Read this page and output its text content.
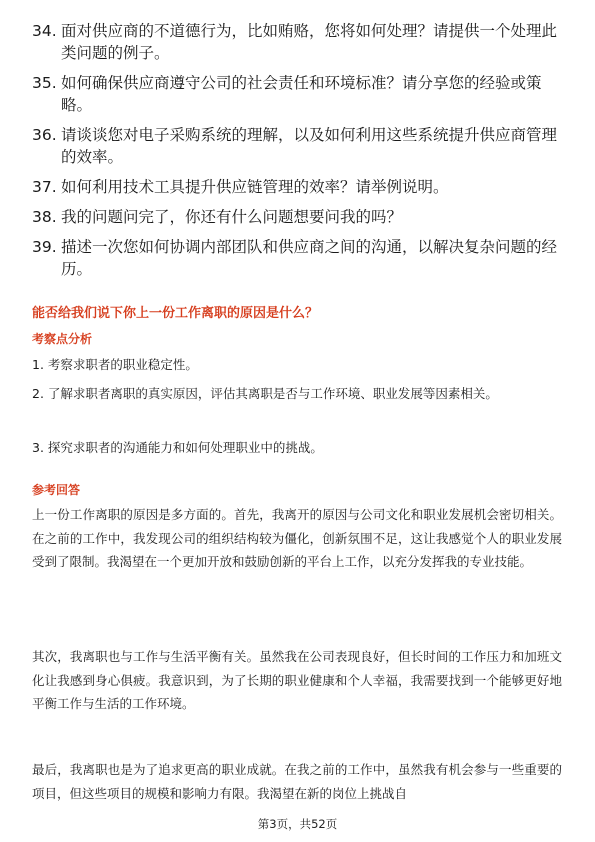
34. 面对供应商的不道德行为，比如贿赂，您将如何处理？请提供一个处理此类问题的例子。
35. 如何确保供应商遵守公司的社会责任和环境标准？请分享您的经验或策略。
36. 请谈谈您对电子采购系统的理解，以及如何利用这些系统提升供应商管理的效率。
37. 如何利用技术工具提升供应链管理的效率？请举例说明。
38. 我的问题问完了，你还有什么问题想要问我的吗？
39. 描述一次您如何协调内部团队和供应商之间的沟通，以解决复杂问题的经历。
能否给我们说下你上一份工作离职的原因是什么？
考察点分析
1. 考察求职者的职业稳定性。
2. 了解求职者离职的真实原因，评估其离职是否与工作环境、职业发展等因素相关。
3. 探究求职者的沟通能力和如何处理职业中的挑战。
参考回答
上一份工作离职的原因是多方面的。首先，我离开的原因与公司文化和职业发展机会密切相关。在之前的工作中，我发现公司的组织结构较为僵化，创新氛围不足，这让我感觉个人的职业发展受到了限制。我渴望在一个更加开放和鼓励创新的平台上工作，以充分发挥我的专业技能。
其次，我离职也与工作与生活平衡有关。虽然我在公司表现良好，但长时间的工作压力和加班文化让我感到身心俱疲。我意识到，为了长期的职业健康和个人幸福，我需要找到一个能够更好地平衡工作与生活的工作环境。
最后，我离职也是为了追求更高的职业成就。在我之前的工作中，虽然我有机会参与一些重要的项目，但这些项目的规模和影响力有限。我渴望在新的岗位上挑战自
第3页，共52页
